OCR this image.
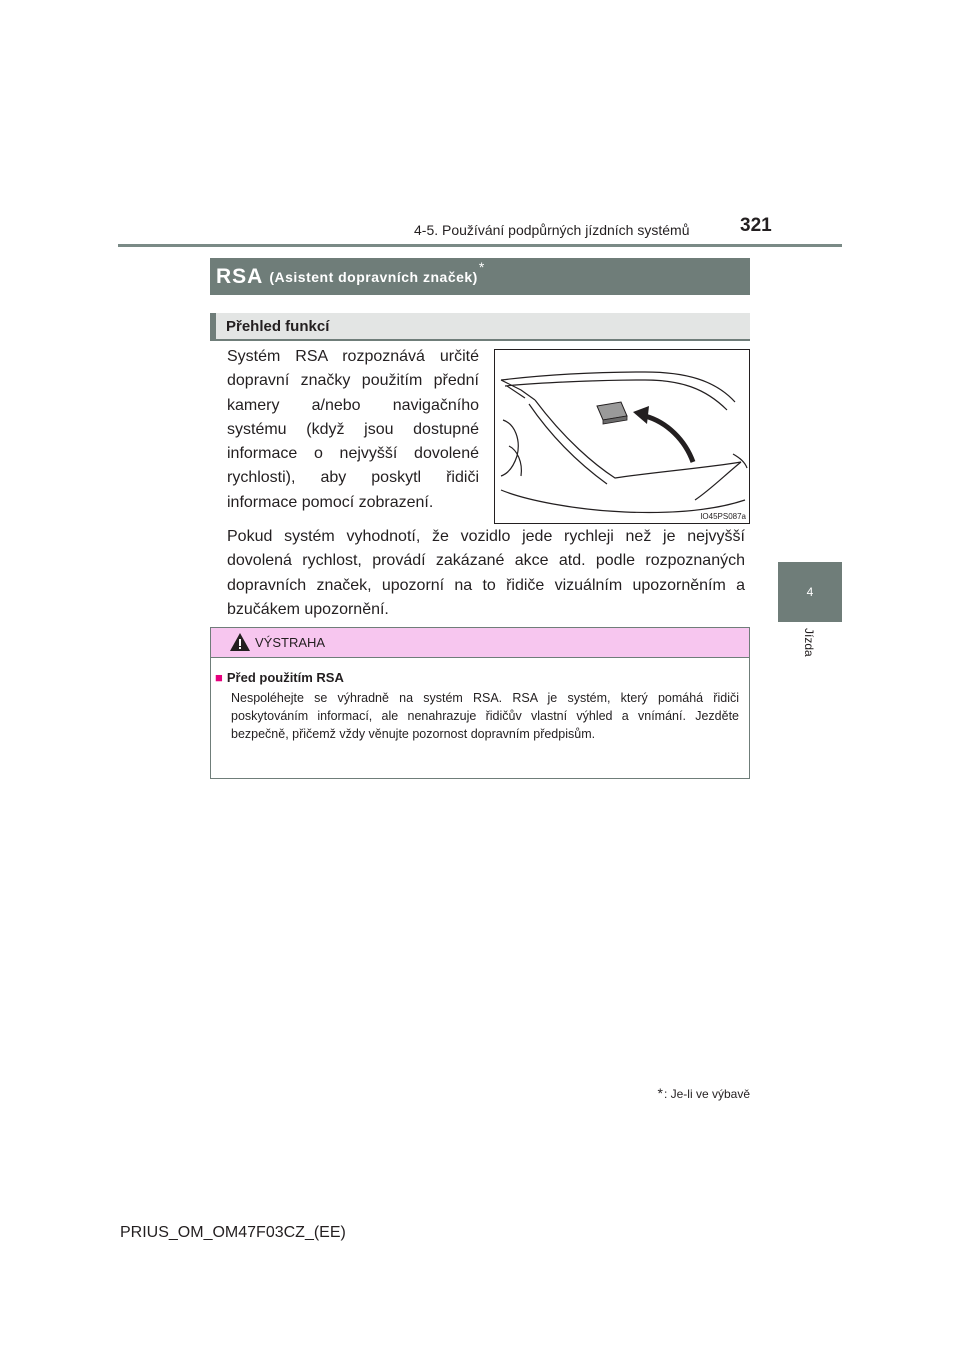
4-5. Používání podpůrných jízdních systémů	321
4
Jízda
RSA (Asistent dopravních značek)
*
Přehled funkcí
Systém RSA rozpoznává určité dopravní značky použitím přední kamery a/nebo navigačního systému (když jsou dostupné informace o nejvyšší dovolené rychlosti), aby poskytl řidiči informace pomocí zobrazení.
IO45PS087a
Pokud systém vyhodnotí, že vozidlo jede rychleji než je nejvyšší dovolená rychlost, provádí zakázané akce atd. podle rozpoznaných dopravních značek, upozorní na to řidiče vizuálním upozorněním a bzučákem upozornění.
VÝSTRAHA
■ Před použitím RSA
Nespoléhejte se výhradně na systém RSA. RSA je systém, který pomáhá řidiči poskytováním informací, ale nenahrazuje řidičův vlastní výhled a vnímání. Jezděte bezpečně, přičemž vždy věnujte pozornost dopravním předpisům.
*: Je-li ve výbavě
PRIUS_OM_OM47F03CZ_(EE)
